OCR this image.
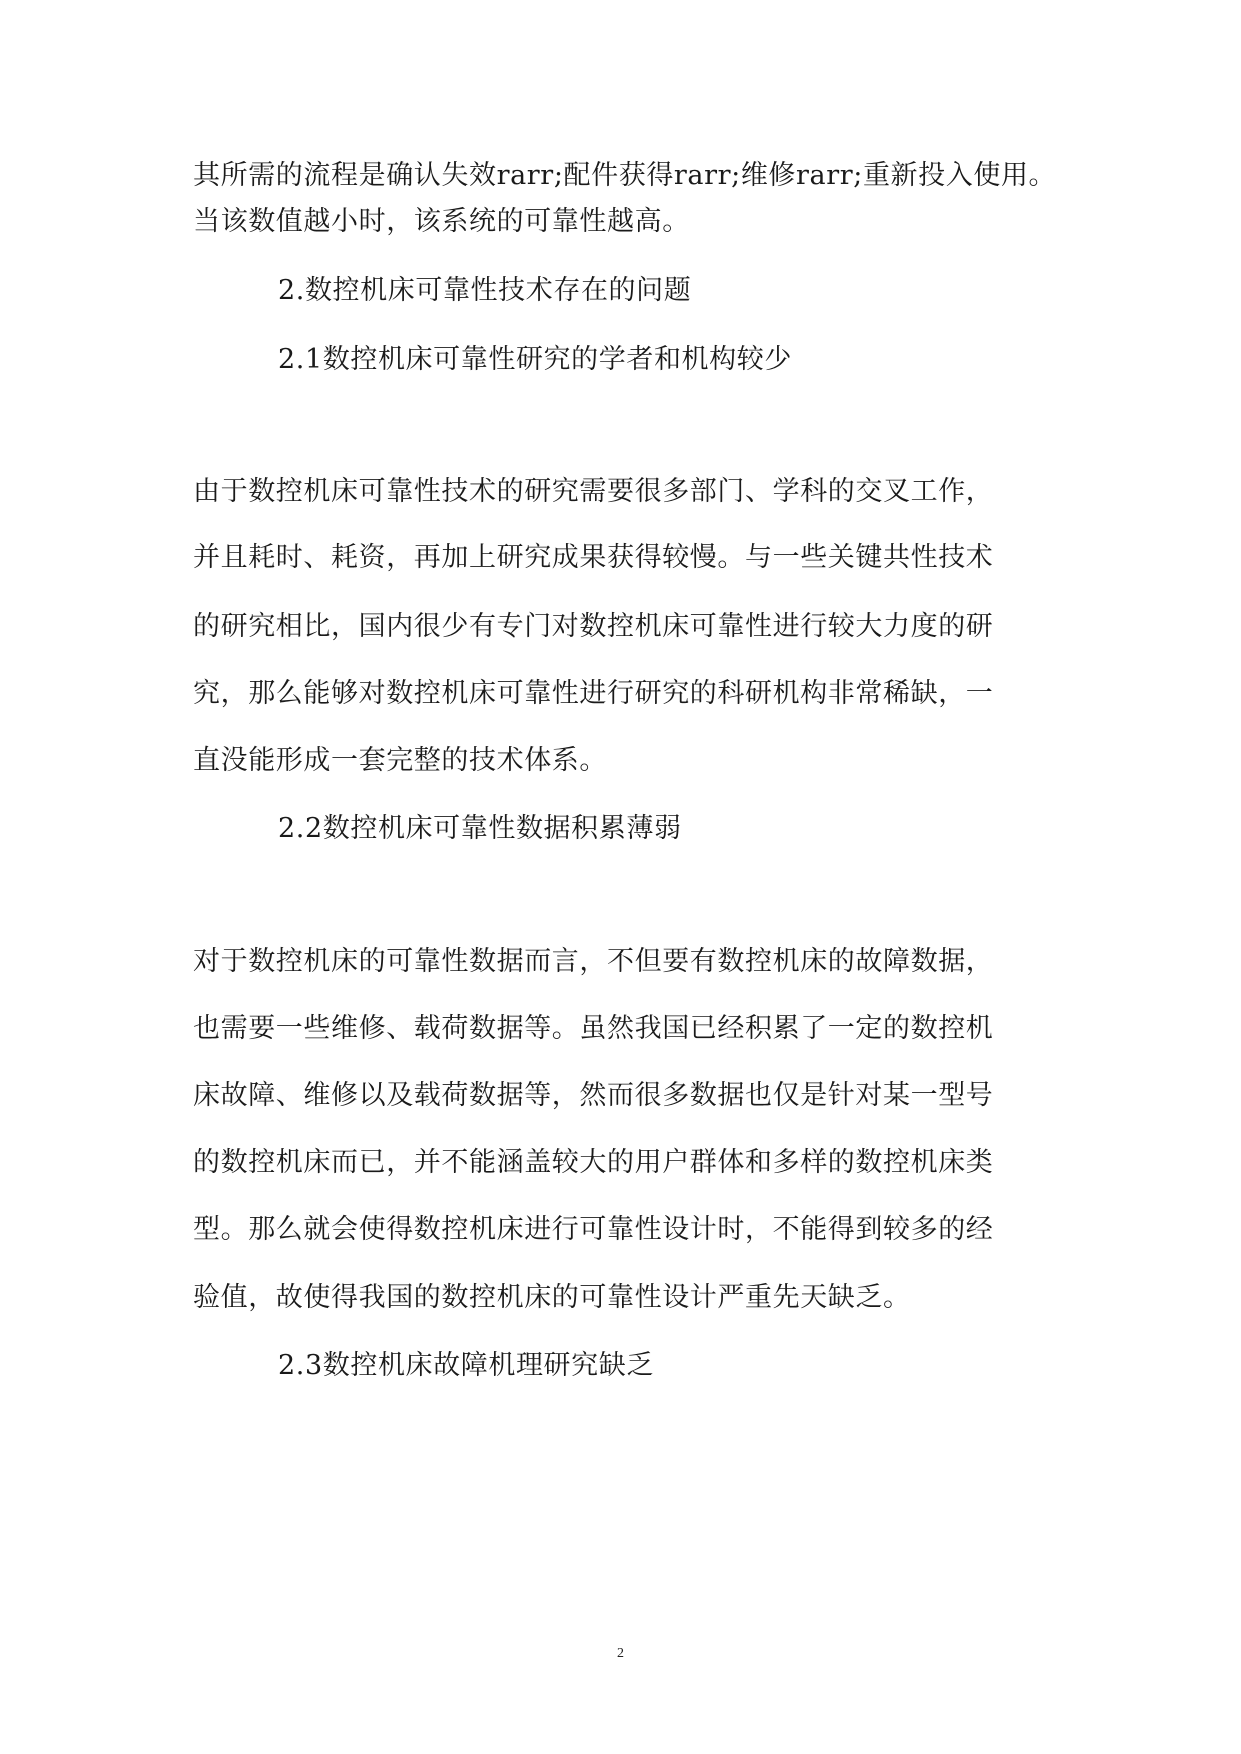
其所需的流程是确认失效rarr;配件获得rarr;维修rarr;重新投入使用。
当该数值越小时，该系统的可靠性越高。
2.数控机床可靠性技术存在的问题
2.1数控机床可靠性研究的学者和机构较少
由于数控机床可靠性技术的研究需要很多部门、学科的交叉工作，
并且耗时、耗资，再加上研究成果获得较慢。与一些关键共性技术
的研究相比，国内很少有专门对数控机床可靠性进行较大力度的研
究，那么能够对数控机床可靠性进行研究的科研机构非常稀缺，一
直没能形成一套完整的技术体系。
2.2数控机床可靠性数据积累薄弱
对于数控机床的可靠性数据而言，不但要有数控机床的故障数据，
也需要一些维修、载荷数据等。虽然我国已经积累了一定的数控机
床故障、维修以及载荷数据等，然而很多数据也仅是针对某一型号
的数控机床而已，并不能涵盖较大的用户群体和多样的数控机床类
型。那么就会使得数控机床进行可靠性设计时，不能得到较多的经
验值，故使得我国的数控机床的可靠性设计严重先天缺乏。
2.3数控机床故障机理研究缺乏
2
